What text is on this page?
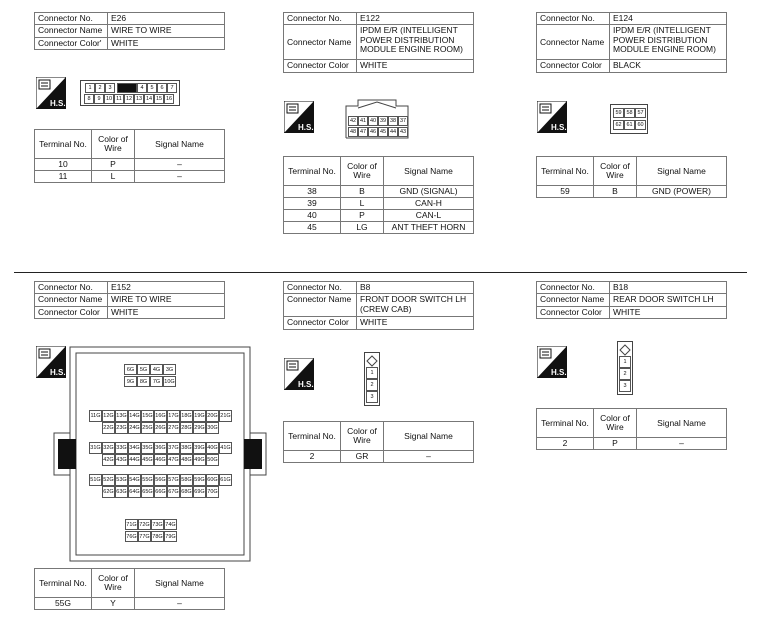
Connector No.	E26
Connector Name	WIRE TO WIRE
Connector Color'	WHITE
H.S.
1	2	3	4	5	6	7
8	9 10 11 12 13 14 15 16
Terminal No.	Color of Wire	Signal Name
10	P	–
11	L	–
Connector No.	E122
Connector Name	IPDM E/R (INTELLIGENT POWER DISTRIBUTION MODULE ENGINE ROOM)
Connector Color	WHITE
H.S.
42 41 40 39 38 37
48 47 46 45 44 43
Terminal No.	Color of Wire	Signal Name
38	B	GND (SIGNAL)
39	L	CAN-H
40	P	CAN-L
45	LG	ANT THEFT HORN
Connector No.	E124
Connector Name	IPDM E/R (INTELLIGENT POWER DISTRIBUTION MODULE ENGINE ROOM)
Connector Color	BLACK
H.S.
59 58 57
62 61 60
Terminal No.	Color of Wire	Signal Name
59	B	GND (POWER)
Connector No.	E152
Connector Name	WIRE TO WIRE
Connector Color	WHITE
H.S.	6G	5G	4G	3G
9G	8G	7G 10G
11G 12G 13G 14G 15G 16G 17G 18G 19G 20G 21G
22G 23G 24G 25G 26G 27G 28G 29G 30G
31G 32G 33G 34G 35G 36G 37G 38G 39G 40G 41G
42G 43G 44G 45G 46G 47G 48G 49G 50G
51G 52G 53G 54G 55G 56G 57G 58G 59G 60G 61G
62G 63G 64G 65G 66G 67G 68G 69G 70G
71G 72G 73G 74G
76G 77G 78G 79G
Terminal No.	Color of Wire	Signal Name
55G	Y	–
Connector No.	B8
Connector Name	FRONT DOOR SWITCH LH (CREW CAB)
Connector Color	WHITE
H.S.
1
2
3
Terminal No.	Color of Wire	Signal Name
2	GR	–
Connector No.	B18
Connector Name	REAR DOOR SWITCH LH
Connector Color	WHITE
H.S.
1
2
3
Terminal No.	Color of Wire	Signal Name
2	P	–
